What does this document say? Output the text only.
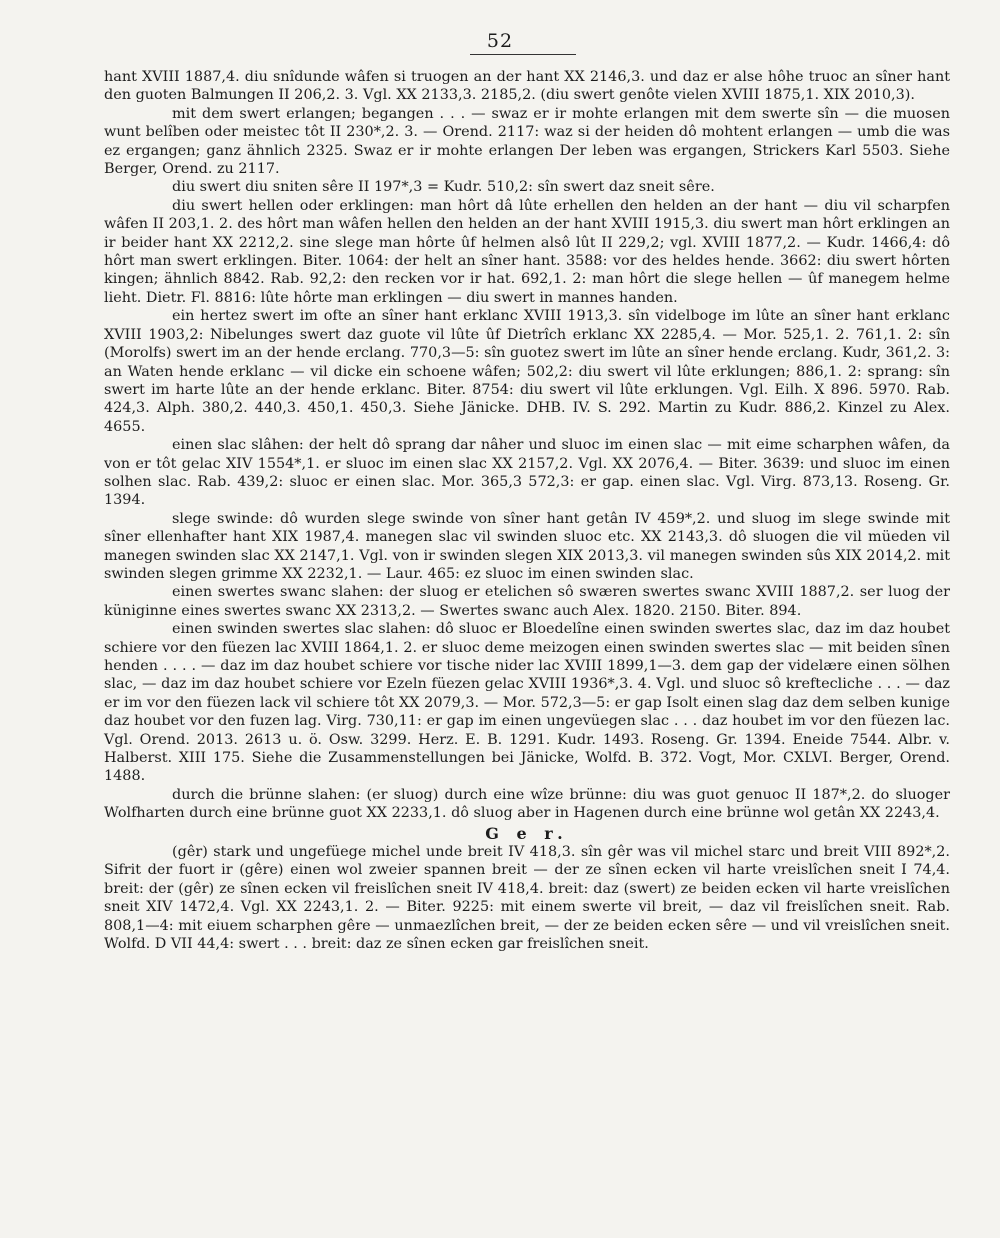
52

hant XVIII 1887,4. diu snîdunde wâfen si truogen an der hant XX 2146,3. und daz er alse hôhe truoc an sîner hant den guoten Balmungen II 206,2. 3. Vgl. XX 2133,3. 2185,2. (diu swert genôte vielen XVIII 1875,1. XIX 2010,3).

mit dem swert erlangen; begangen . . . — swaz er ir mohte erlangen mit dem swerte sîn — die muosen wunt belîben oder meistec tôt II 230*,2. 3. — Orend. 2117: waz si der heiden dô mohtent erlangen — umb die was ez ergangen; ganz ähnlich 2325. Swaz er ir mohte erlangen Der leben was ergangen, Strickers Karl 5503. Siehe Berger, Orend. zu 2117.

diu swert diu sniten sêre II 197*,3 = Kudr. 510,2: sîn swert daz sneit sêre.

diu swert hellen oder erklingen: man hôrt dâ lûte erhellen den helden an der hant — diu vil scharpfen wâfen II 203,1. 2. des hôrt man wâfen hellen den helden an der hant XVIII 1915,3. diu swert man hôrt erklingen an ir beider hant XX 2212,2. sine slege man hôrte ûf helmen alsô lût II 229,2; vgl. XVIII 1877,2. — Kudr. 1466,4: dô hôrt man swert erklingen. Biter. 1064: der helt an sîner hant. 3588: vor des heldes hende. 3662: diu swert hôrten kingen; ähnlich 8842. Rab. 92,2: den recken vor ir hat. 692,1. 2: man hôrt die slege hellen — ûf manegem helme lieht. Dietr. Fl. 8816: lûte hôrte man erklingen — diu swert in mannes handen.

ein hertez swert im ofte an sîner hant erklanc XVIII 1913,3. sîn videlboge im lûte an sîner hant erklanc XVIII 1903,2: Nibelunges swert daz guote vil lûte ûf Dietrîch erklanc XX 2285,4. — Mor. 525,1. 2. 761,1. 2: sîn (Morolfs) swert im an der hende erclang. 770,3—5: sîn guotez swert im lûte an sîner hende erclang. Kudr, 361,2. 3: an Waten hende erklanc — vil dicke ein schoene wâfen; 502,2: diu swert vil lûte erklungen; 886,1. 2: sprang: sîn swert im harte lûte an der hende erklanc. Biter. 8754: diu swert vil lûte erklungen. Vgl. Eilh. X 896. 5970. Rab. 424,3. Alph. 380,2. 440,3. 450,1. 450,3. Siehe Jänicke. DHB. IV. S. 292. Martin zu Kudr. 886,2. Kinzel zu Alex. 4655.

einen slac slâhen: der helt dô sprang dar nâher und sluoc im einen slac — mit eime scharphen wâfen, da von er tôt gelac XIV 1554*,1. er sluoc im einen slac XX 2157,2. Vgl. XX 2076,4. — Biter. 3639: und sluoc im einen solhen slac. Rab. 439,2: sluoc er einen slac. Mor. 365,3 572,3: er gap. einen slac. Vgl. Virg. 873,13. Roseng. Gr. 1394.

slege swinde: dô wurden slege swinde von sîner hant getân IV 459*,2. und sluog im slege swinde mit sîner ellenhafter hant XIX 1987,4. manegen slac vil swinden sluoc etc. XX 2143,3. dô sluogen die vil müeden vil manegen swinden slac XX 2147,1. Vgl. von ir swinden slegen XIX 2013,3. vil manegen swinden sûs XIX 2014,2. mit swinden slegen grimme XX 2232,1. — Laur. 465: ez sluoc im einen swinden slac.

einen swertes swanc slahen: der sluog er etelichen sô swæren swertes swanc XVIII 1887,2. ser luog der küniginne eines swertes swanc XX 2313,2. — Swertes swanc auch Alex. 1820. 2150. Biter. 894.

einen swinden swertes slac slahen: dô sluoc er Bloedelîne einen swinden swertes slac, daz im daz houbet schiere vor den füezen lac XVIII 1864,1. 2. er sluoc deme meizogen einen swinden swertes slac — mit beiden sînen henden . . . . — daz im daz houbet schiere vor tische nider lac XVIII 1899,1—3. dem gap der videlære einen sölhen slac, — daz im daz houbet schiere vor Ezeln füezen gelac XVIII 1936*,3. 4. Vgl. und sluoc sô kreftecliche . . . — daz er im vor den füezen lack vil schiere tôt XX 2079,3. — Mor. 572,3—5: er gap Isolt einen slag daz dem selben kunige daz houbet vor den fuzen lag. Virg. 730,11: er gap im einen ungevüegen slac . . . daz houbet im vor den füezen lac. Vgl. Orend. 2013. 2613 u. ö. Osw. 3299. Herz. E. B. 1291. Kudr. 1493. Roseng. Gr. 1394. Eneide 7544. Albr. v. Halberst. XIII 175. Siehe die Zusammenstellungen bei Jänicke, Wolfd. B. 372. Vogt, Mor. CXLVI. Berger, Orend. 1488.

durch die brünne slahen: (er sluog) durch eine wîze brünne: diu was guot genuoc II 187*,2. do sluoger Wolfharten durch eine brünne guot XX 2233,1. dô sluog aber in Hagenen durch eine brünne wol getân XX 2243,4.

G e r.

(gêr) stark und ungefüege michel unde breit IV 418,3. sîn gêr was vil michel starc und breit VIII 892*,2. Sifrit der fuort ir (gêre) einen wol zweier spannen breit — der ze sînen ecken vil harte vreislîchen sneit I 74,4. breit: der (gêr) ze sînen ecken vil freislîchen sneit IV 418,4. breit: daz (swert) ze beiden ecken vil harte vreislîchen sneit XIV 1472,4. Vgl. XX 2243,1. 2. — Biter. 9225: mit einem swerte vil breit, — daz vil freislîchen sneit. Rab. 808,1—4: mit eiuem scharphen gêre — unmaezlîchen breit, — der ze beiden ecken sêre — und vil vreislîchen sneit. Wolfd. D VII 44,4: swert . . . breit: daz ze sînen ecken gar freislîchen sneit.
